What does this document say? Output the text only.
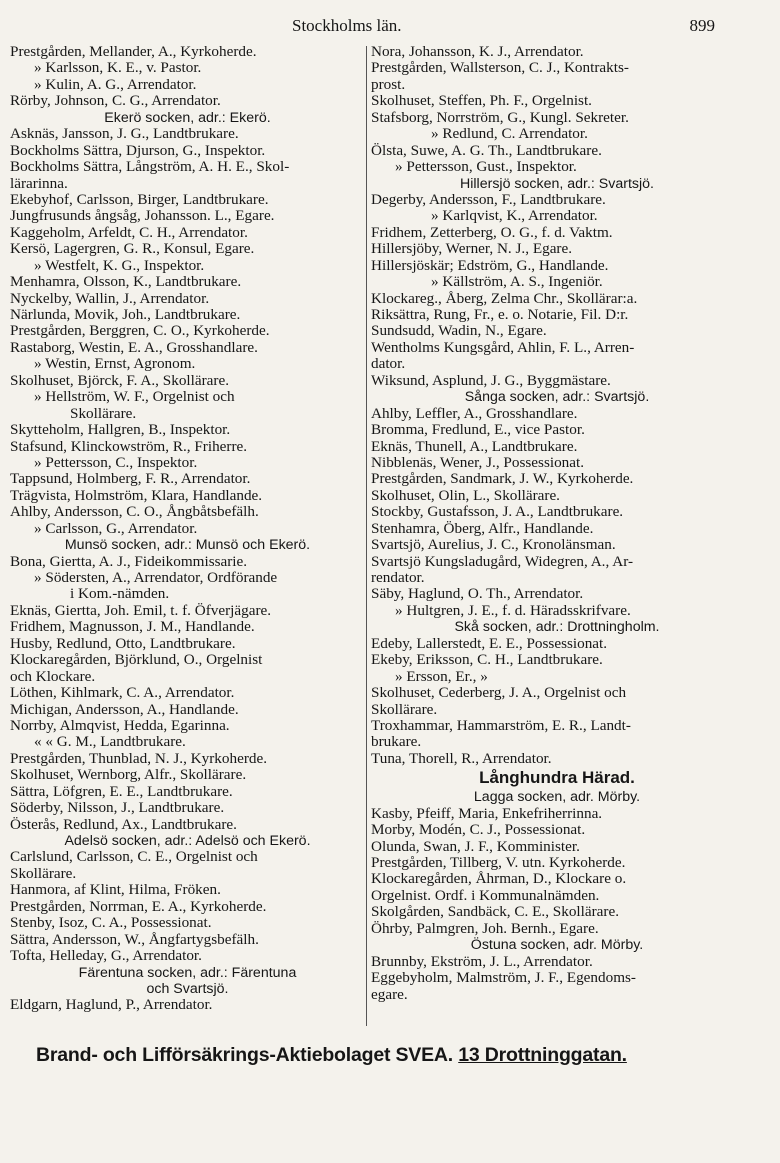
Stockholms län.	899
Prestgården, Mellander, A., Kyrkoherde.
» Karlsson, K. E., v. Pastor.
» Kulin, A. G., Arrendator.
Rörby, Johnson, C. G., Arrendator.
Ekerö socken, adr.: Ekerö.
Asknäs, Jansson, J. G., Landtbrukare.
Bockholms Sättra, Djurson, G., Inspektor.
Bockholms Sättra, Långström, A. H. E., Skol-
lärarinna.
Ekebyhof, Carlsson, Birger, Landtbrukare.
Jungfrusunds ångsåg, Johansson. L., Egare.
Kaggeholm, Arfeldt, C. H., Arrendator.
Kersö, Lagergren, G. R., Konsul, Egare.
» Westfelt, K. G., Inspektor.
Menhamra, Olsson, K., Landtbrukare.
Nyckelby, Wallin, J., Arrendator.
Närlunda, Movik, Joh., Landtbrukare.
Prestgården, Berggren, C. O., Kyrkoherde.
Rastaborg, Westin, E. A., Grosshandlare.
» Westin, Ernst, Agronom.
Skolhuset, Björck, F. A., Skollärare.
» Hellström, W. F., Orgelnist och
Skollärare.
Skytteholm, Hallgren, B., Inspektor.
Stafsund, Klinckowström, R., Friherre.
» Pettersson, C., Inspektor.
Tappsund, Holmberg, F. R., Arrendator.
Trägvista, Holmström, Klara, Handlande.
Ahlby, Andersson, C. O., Ångbåtsbefälh.
» Carlsson, G., Arrendator.
Munsö socken, adr.: Munsö och Ekerö.
Bona, Giertta, A. J., Fideikommissarie.
» Södersten, A., Arrendator, Ordförande
i Kom.-nämden.
Eknäs, Giertta, Joh. Emil, t. f. Öfverjägare.
Fridhem, Magnusson, J. M., Handlande.
Husby, Redlund, Otto, Landtbrukare.
Klockaregården, Björklund, O., Orgelnist
och Klockare.
Löthen, Kihlmark, C. A., Arrendator.
Michigan, Andersson, A., Handlande.
Norrby, Almqvist, Hedda, Egarinna.
« « G. M., Landtbrukare.
Prestgården, Thunblad, N. J., Kyrkoherde.
Skolhuset, Wernborg, Alfr., Skollärare.
Sättra, Löfgren, E. E., Landtbrukare.
Söderby, Nilsson, J., Landtbrukare.
Österås, Redlund, Ax., Landtbrukare.
Adelsö socken, adr.: Adelsö och Ekerö.
Carlslund, Carlsson, C. E., Orgelnist och
Skollärare.
Hanmora, af Klint, Hilma, Fröken.
Prestgården, Norrman, E. A., Kyrkoherde.
Stenby, Isoz, C. A., Possessionat.
Sättra, Andersson, W., Ångfartygsbefälh.
Tofta, Helleday, G., Arrendator.
Färentuna socken, adr.: Färentuna
och Svartsjö.
Eldgarn, Haglund, P., Arrendator.
Nora, Johansson, K. J., Arrendator.
Prestgården, Wallsterson, C. J., Kontrakts-
prost.
Skolhuset, Steffen, Ph. F., Orgelnist.
Stafsborg, Norrström, G., Kungl. Sekreter.
» Redlund, C. Arrendator.
Ölsta, Suwe, A. G. Th., Landtbrukare.
» Pettersson, Gust., Inspektor.
Hillersjö socken, adr.: Svartsjö.
Degerby, Andersson, F., Landtbrukare.
» Karlqvist, K., Arrendator.
Fridhem, Zetterberg, O. G., f. d. Vaktm.
Hillersjöby, Werner, N. J., Egare.
Hillersjöskär; Edström, G., Handlande.
» Källström, A. S., Ingeniör.
Klockareg., Åberg, Zelma Chr., Skollärar:a.
Riksättra, Rung, Fr., e. o. Notarie, Fil. D:r.
Sundsudd, Wadin, N., Egare.
Wentholms Kungsgård, Ahlin, F. L., Arren-
dator.
Wiksund, Asplund, J. G., Byggmästare.
Sånga socken, adr.: Svartsjö.
Ahlby, Leffler, A., Grosshandlare.
Bromma, Fredlund, E., vice Pastor.
Eknäs, Thunell, A., Landtbrukare.
Nibblenäs, Wener, J., Possessionat.
Prestgården, Sandmark, J. W., Kyrkoherde.
Skolhuset, Olin, L., Skollärare.
Stockby, Gustafsson, J. A., Landtbrukare.
Stenhamra, Öberg, Alfr., Handlande.
Svartsjö, Aurelius, J. C., Kronolänsman.
Svartsjö Kungsladugård, Widegren, A., Ar-
rendator.
Säby, Haglund, O. Th., Arrendator.
» Hultgren, J. E., f. d. Häradsskrifvare.
Skå socken, adr.: Drottningholm.
Edeby, Lallerstedt, E. E., Possessionat.
Ekeby, Eriksson, C. H., Landtbrukare.
» Ersson, Er., »
Skolhuset, Cederberg, J. A., Orgelnist och
Skollärare.
Troxhammar, Hammarström, E. R., Landt-
brukare.
Tuna, Thorell, R., Arrendator.
Långhundra Härad.
Lagga socken, adr. Mörby.
Kasby, Pfeiff, Maria, Enkefriherrinna.
Morby, Modén, C. J., Possessionat.
Olunda, Swan, J. F., Komminister.
Prestgården, Tillberg, V. utn. Kyrkoherde.
Klockaregården, Åhrman, D., Klockare o.
Orgelnist. Ordf. i Kommunalnämden.
Skolgården, Sandbäck, C. E., Skollärare.
Öhrby, Palmgren, Joh. Bernh., Egare.
Östuna socken, adr. Mörby.
Brunnby, Ekström, J. L., Arrendator.
Eggebyholm, Malmström, J. F., Egendoms-
egare.
Brand- och Lifförsäkrings-Aktiebolaget SVEA. 13 Drottninggatan.
